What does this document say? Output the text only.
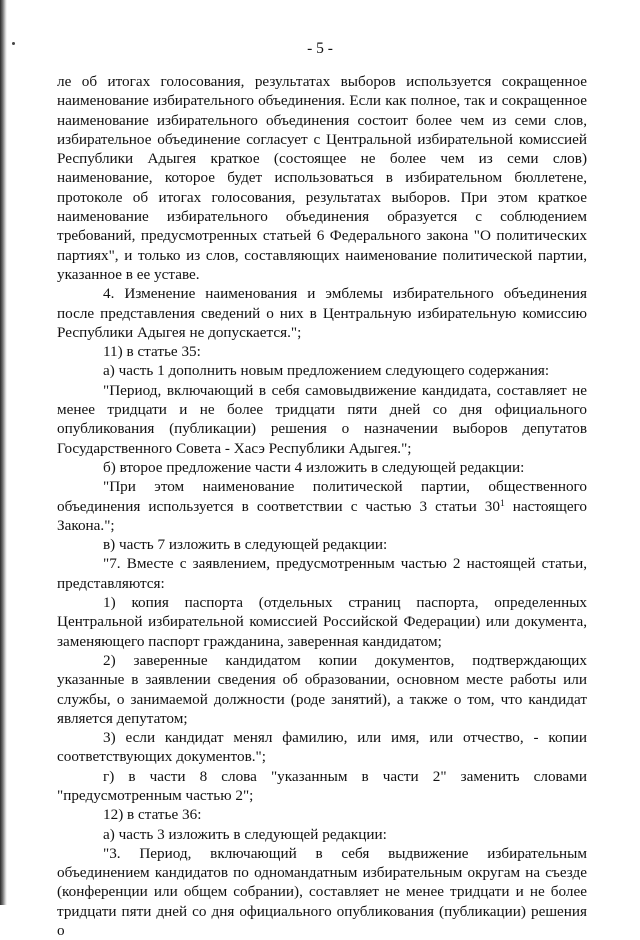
- 5 -

ле об итогах голосования, результатах выборов используется сокращенное наименование избирательного объединения. Если как полное, так и сокращенное наименование избирательного объединения состоит более чем из семи слов, избирательное объединение согласует с Центральной избирательной комиссией Республики Адыгея краткое (состоящее не более чем из семи слов) наименование, которое будет использоваться в избирательном бюллетене, протоколе об итогах голосования, результатах выборов. При этом краткое наименование избирательного объединения образуется с соблюдением требований, предусмотренных статьей 6 Федерального закона "О политических партиях", и только из слов, составляющих наименование политической партии, указанное в ее уставе.

4. Изменение наименования и эмблемы избирательного объединения после представления сведений о них в Центральную избирательную комиссию Республики Адыгея не допускается.";

11) в статье 35:

а) часть 1 дополнить новым предложением следующего содержания:

"Период, включающий в себя самовыдвижение кандидата, составляет не менее тридцати и не более тридцати пяти дней со дня официального опубликования (публикации) решения о назначении выборов депутатов Государственного Совета - Хасэ Республики Адыгея.";

б) второе предложение части 4 изложить в следующей редакции:

"При этом наименование политической партии, общественного объединения используется в соответствии с частью 3 статьи $30^1$ настоящего Закона.";

в) часть 7 изложить в следующей редакции:

"7. Вместе с заявлением, предусмотренным частью 2 настоящей статьи, представляются:

1) копия паспорта (отдельных страниц паспорта, определенных Центральной избирательной комиссией Российской Федерации) или документа, заменяющего паспорт гражданина, заверенная кандидатом;

2) заверенные кандидатом копии документов, подтверждающих указанные в заявлении сведения об образовании, основном месте работы или службы, о занимаемой должности (роде занятий), а также о том, что кандидат является депутатом;

3) если кандидат менял фамилию, или имя, или отчество, - копии соответствующих документов.";

г) в части 8 слова "указанным в части 2" заменить словами "предусмотренным частью 2";

12) в статье 36:

а) часть 3 изложить в следующей редакции:

"3. Период, включающий в себя выдвижение избирательным объединением кандидатов по одномандатным избирательным округам на съезде (конференции или общем собрании), составляет не менее тридцати и не более тридцати пяти дней со дня официального опубликования (публикации) решения о
